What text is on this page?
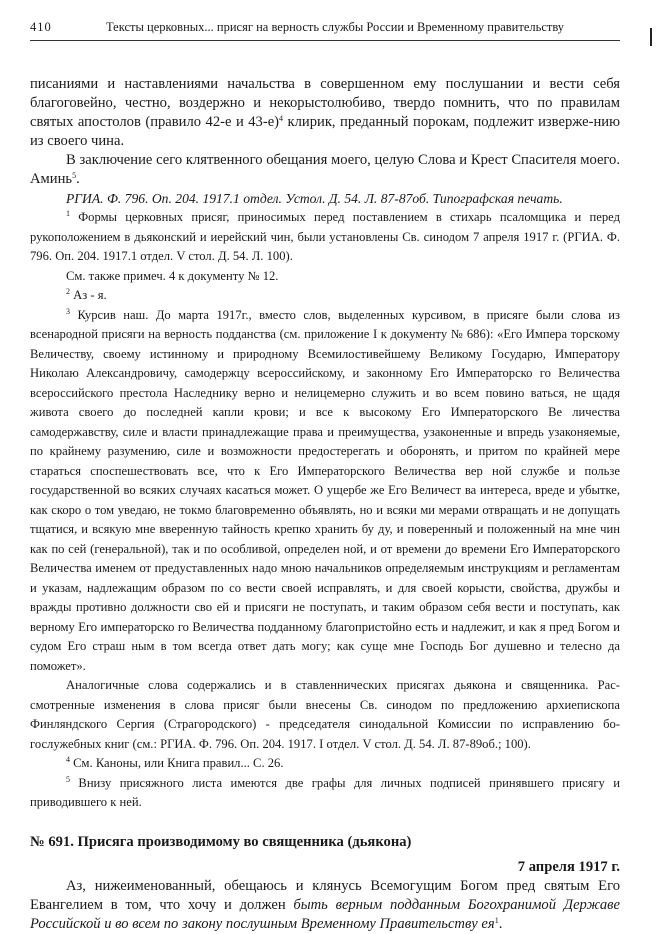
410	Тексты церковных... присяг на верность службы России и Временному правительству

писаниями и наставлениями начальства в совершенном ему послушании и вести себя благоговейно, честно, воздержно и некорыстолюбиво, твердо помнить, что по правилам святых апостолов (правило 42-е и 43-е)$^4$ клирик, преданный порокам, подлежит изверже-нию из своего чина.

В заключение сего клятвенного обещания моего, целую Слова и Крест Спасителя моего. Аминь$^5$.

РГИА. Ф. 796. Оп. 204. 1917.1 отдел. Устол. Д. 54. Л. 87-87об. Типографская печать.

$^1$ Формы церковных присяг, приносимых перед поставлением в стихарь псаломщика и перед рукоположением в дьяконский и иерейский чин, были установлены Св. синодом 7 апреля 1917 г. (РГИА. Ф. 796. Оп. 204. 1917.1 отдел. V стол. Д. 54. Л. 100).

См. также примеч. 4 к документу № 12.

$^2$ Аз - я.

$^3$ Курсив наш. До марта 1917г., вместо слов, выделенных курсивом, в присяге были слова из всенародной присяги на верность подданства (см. приложение I к документу № 686): «Его Импера торскому Величеству, своему истинному и природному Всемилостивейшему Великому Государю, Императору Николаю Александровичу, самодержцу всероссийскому, и законному Его Императорско го Величества всероссийского престола Наследнику верно и нелицемерно служить и во всем повино ваться, не щадя живота своего до последней капли крови; и все к высокому Его Императорского Ве личества самодержавству, силе и власти принадлежащие права и преимущества, узаконенные и впредь узаконяемые, по крайнему разумению, силе и возможности предостерегать и оборонять, и притом по крайней мере стараться споспешествовать все, что к Его Императорского Величества вер ной службе и пользе государственной во всяких случаях касаться может. О ущербе же Его Величест ва интереса, вреде и убытке, как скоро о том уведаю, не токмо благовременно объявлять, но и всяки ми мерами отвращать и не допущать тщатися, и всякую мне вверенную тайность крепко хранить бу ду, и поверенный и положенный на мне чин как по сей (генеральной), так и по особливой, определен ной, и от времени до времени Его Императорского Величества именем от предуставленных надо мною начальников определяемым инструкциям и регламентам и указам, надлежащим образом по со вести своей исправлять, и для своей корысти, свойства, дружбы и вражды противно должности сво ей и присяги не поступать, и таким образом себя вести и поступать, как верному Его императорско го Величества подданному благопристойно есть и надлежит, и как я пред Богом и судом Его страш ным в том всегда ответ дать могу; как суще мне Господь Бог душевно и телесно да поможет».

Аналогичные слова содержались и в ставленнических присягах дьякона и священника. Рас-смотренные изменения в слова присяг были внесены Св. синодом по предложению архиепископа Финляндского Сергия (Страгородского) - председателя синодальной Комиссии по исправлению бо-гослужебных книг (см.: РГИА. Ф. 796. Оп. 204. 1917. I отдел. V стол. Д. 54. Л. 87-89об.; 100).

$^4$ См. Каноны, или Книга правил... С. 26.

$^5$ Внизу присяжного листа имеются две графы для личных подписей принявшего присягу и приводившего к ней.

№ 691. Присяга производимому во священника (дьякона)

7 апреля 1917 г.

Аз, нижеименованный, обещаюсь и клянусь Всемогущим Богом пред святым Его Евангелием в том, что хочу и должен быть верным подданным Богохранимой Державе Российской и во всем по закону послушным Временному Правительству $ея^1$.
